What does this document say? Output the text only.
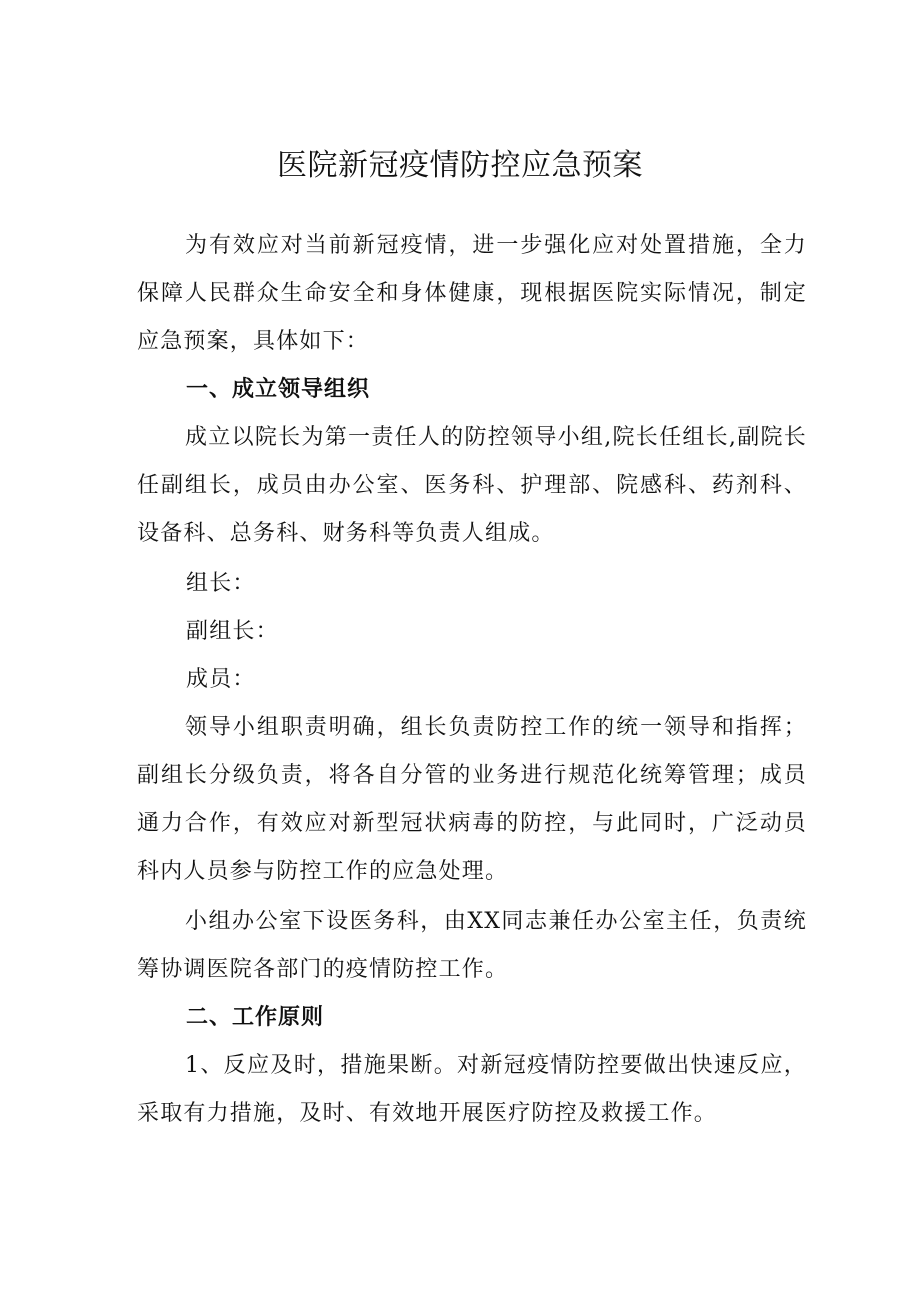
医院新冠疫情防控应急预案

为有效应对当前新冠疫情，进一步强化应对处置措施，全力保障人民群众生命安全和身体健康，现根据医院实际情况，制定应急预案，具体如下：

一、成立领导组织

成立以院长为第一责任人的防控领导小组,院长任组长,副院长任副组长，成员由办公室、医务科、护理部、院感科、药剂科、设备科、总务科、财务科等负责人组成。

组长：
副组长：
成员：

领导小组职责明确，组长负责防控工作的统一领导和指挥；副组长分级负责，将各自分管的业务进行规范化统筹管理；成员通力合作，有效应对新型冠状病毒的防控，与此同时，广泛动员科内人员参与防控工作的应急处理。

小组办公室下设医务科，由XX同志兼任办公室主任，负责统筹协调医院各部门的疫情防控工作。

二、工作原则

1、反应及时，措施果断。对新冠疫情防控要做出快速反应，采取有力措施，及时、有效地开展医疗防控及救援工作。
